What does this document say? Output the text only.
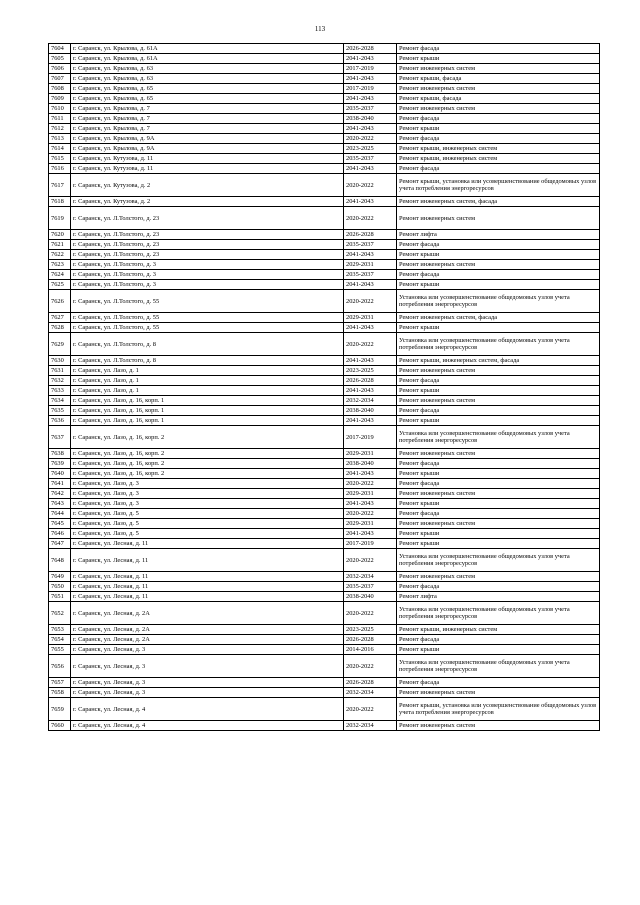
113
7604	г. Саранск, ул. Крылова, д. 61А	2026-2028	Ремонт фасада
7605	г. Саранск, ул. Крылова, д. 61А	2041-2043	Ремонт крыши
7606	г. Саранск, ул. Крылова, д. 63	2017-2019	Ремонт инженерных систем
7607	г. Саранск, ул. Крылова, д. 63	2041-2043	Ремонт крыши, фасада
7608	г. Саранск, ул. Крылова, д. 65	2017-2019	Ремонт инженерных систем
7609	г. Саранск, ул. Крылова, д. 65	2041-2043	Ремонт крыши, фасада
7610	г. Саранск, ул. Крылова, д. 7	2035-2037	Ремонт инженерных систем
7611	г. Саранск, ул. Крылова, д. 7	2038-2040	Ремонт фасада
7612	г. Саранск, ул. Крылова, д. 7	2041-2043	Ремонт крыши
7613	г. Саранск, ул. Крылова, д. 9А	2020-2022	Ремонт фасада
7614	г. Саранск, ул. Крылова, д. 9А	2023-2025	Ремонт крыши, инженерных систем
7615	г. Саранск, ул. Кутузова, д. 11	2035-2037	Ремонт крыши, инженерных систем
7616	г. Саранск, ул. Кутузова, д. 11	2041-2043	Ремонт фасада
7617	г. Саранск, ул. Кутузова, д. 2	2020-2022	Ремонт крыши, установка или усовершенствование общедомовых узлов учета потребления энергоресурсов
7618	г. Саранск, ул. Кутузова, д. 2	2041-2043	Ремонт инженерных систем, фасада
7619	г. Саранск, ул. Л.Толстого, д. 23	2020-2022	Ремонт инженерных систем
7620	г. Саранск, ул. Л.Толстого, д. 23	2026-2028	Ремонт лифта
7621	г. Саранск, ул. Л.Толстого, д. 23	2035-2037	Ремонт фасада
7622	г. Саранск, ул. Л.Толстого, д. 23	2041-2043	Ремонт крыши
7623	г. Саранск, ул. Л.Толстого, д. 3	2029-2031	Ремонт инженерных систем
7624	г. Саранск, ул. Л.Толстого, д. 3	2035-2037	Ремонт фасада
7625	г. Саранск, ул. Л.Толстого, д. 3	2041-2043	Ремонт крыши
7626	г. Саранск, ул. Л.Толстого, д. 55	2020-2022	Установка или усовершенствование общедомовых узлов учета потребления энергоресурсов
7627	г. Саранск, ул. Л.Толстого, д. 55	2029-2031	Ремонт инженерных систем, фасада
7628	г. Саранск, ул. Л.Толстого, д. 55	2041-2043	Ремонт крыши
7629	г. Саранск, ул. Л.Толстого, д. 8	2020-2022	Установка или усовершенствование общедомовых узлов учета потребления энергоресурсов
7630	г. Саранск, ул. Л.Толстого, д. 8	2041-2043	Ремонт крыши, инженерных систем, фасада
7631	г. Саранск, ул. Лазо, д. 1	2023-2025	Ремонт инженерных систем
7632	г. Саранск, ул. Лазо, д. 1	2026-2028	Ремонт фасада
7633	г. Саранск, ул. Лазо, д. 1	2041-2043	Ремонт крыши
7634	г. Саранск, ул. Лазо, д. 16, корп. 1	2032-2034	Ремонт инженерных систем
7635	г. Саранск, ул. Лазо, д. 16, корп. 1	2038-2040	Ремонт фасада
7636	г. Саранск, ул. Лазо, д. 16, корп. 1	2041-2043	Ремонт крыши
7637	г. Саранск, ул. Лазо, д. 16, корп. 2	2017-2019	Установка или усовершенствование общедомовых узлов учета потребления энергоресурсов
7638	г. Саранск, ул. Лазо, д. 16, корп. 2	2029-2031	Ремонт инженерных систем
7639	г. Саранск, ул. Лазо, д. 16, корп. 2	2038-2040	Ремонт фасада
7640	г. Саранск, ул. Лазо, д. 16, корп. 2	2041-2043	Ремонт крыши
7641	г. Саранск, ул. Лазо, д. 3	2020-2022	Ремонт фасада
7642	г. Саранск, ул. Лазо, д. 3	2029-2031	Ремонт инженерных систем
7643	г. Саранск, ул. Лазо, д. 3	2041-2043	Ремонт крыши
7644	г. Саранск, ул. Лазо, д. 5	2020-2022	Ремонт фасада
7645	г. Саранск, ул. Лазо, д. 5	2029-2031	Ремонт инженерных систем
7646	г. Саранск, ул. Лазо, д. 5	2041-2043	Ремонт крыши
7647	г. Саранск, ул. Лесная, д. 11	2017-2019	Ремонт крыши
7648	г. Саранск, ул. Лесная, д. 11	2020-2022	Установка или усовершенствование общедомовых узлов учета потребления энергоресурсов
7649	г. Саранск, ул. Лесная, д. 11	2032-2034	Ремонт инженерных систем
7650	г. Саранск, ул. Лесная, д. 11	2035-2037	Ремонт фасада
7651	г. Саранск, ул. Лесная, д. 11	2038-2040	Ремонт лифта
7652	г. Саранск, ул. Лесная, д. 2А	2020-2022	Установка или усовершенствование общедомовых узлов учета потребления энергоресурсов
7653	г. Саранск, ул. Лесная, д. 2А	2023-2025	Ремонт крыши, инженерных систем
7654	г. Саранск, ул. Лесная, д. 2А	2026-2028	Ремонт фасада
7655	г. Саранск, ул. Лесная, д. 3	2014-2016	Ремонт крыши
7656	г. Саранск, ул. Лесная, д. 3	2020-2022	Установка или усовершенствование общедомовых узлов учета потребления энергоресурсов
7657	г. Саранск, ул. Лесная, д. 3	2026-2028	Ремонт фасада
7658	г. Саранск, ул. Лесная, д. 3	2032-2034	Ремонт инженерных систем
7659	г. Саранск, ул. Лесная, д. 4	2020-2022	Ремонт крыши, установка или усовершенствование общедомовых узлов учета потребления энергоресурсов
7660	г. Саранск, ул. Лесная, д. 4	2032-2034	Ремонт инженерных систем
